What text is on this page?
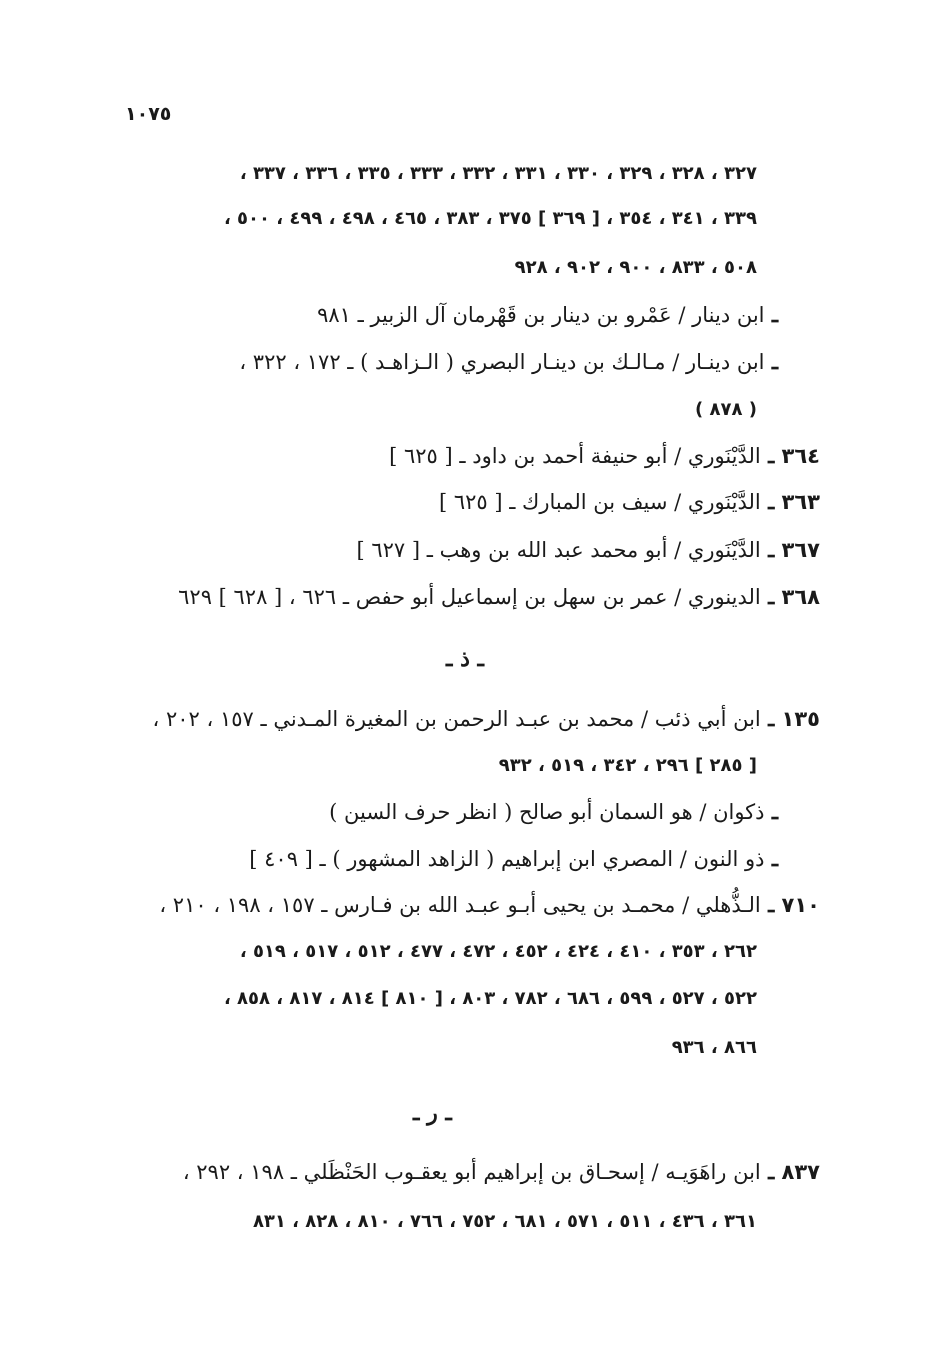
١٠٧٥
٣٢٧ ، ٣٢٨ ، ٣٢٩ ، ٣٣٠ ، ٣٣١ ، ٣٣٢ ، ٣٣٣ ، ٣٣٥ ، ٣٣٦ ، ٣٣٧ ،
٣٣٩ ، ٣٤١ ، ٣٥٤ ، [ ٣٦٩ ] ٣٧٥ ، ٣٨٣ ، ٤٦٥ ، ٤٩٨ ، ٤٩٩ ، ٥٠٠ ،
٥٠٨ ، ٨٣٣ ، ٩٠٠ ، ٩٠٢ ، ٩٢٨
ـ ابن دينار / عَمْرو بن دينار بن قَهْرمان آل الزبير ـ ٩٨١
ـ ابن دينـار / مـالـك بن دينـار البصري ( الـزاهـد ) ـ ١٧٢ ، ٣٢٢ ،
( ٨٧٨ )
٣٦٤ ـ الدَّيْنَوري / أبو حنيفة أحمد بن داود ـ [ ٦٢٥ ]
٣٦٣ ـ الدَّيْنَوري / سيف بن المبارك ـ [ ٦٢٥ ]
٣٦٧ ـ الدَّيْنَوري / أبو محمد عبد الله بن وهب ـ [ ٦٢٧ ]
٣٦٨ ـ الدينوري / عمر بن سهل بن إسماعيل أبو حفص ـ ٦٢٦ ، [ ٦٢٨ ] ٦٢٩
ـ ذ ـ
١٣٥ ـ ابن أبي ذئب / محمد بن عبـد الرحمن بن المغيرة المـدني ـ ١٥٧ ، ٢٠٢ ،
[ ٢٨٥ ] ٢٩٦ ، ٣٤٢ ، ٥١٩ ، ٩٣٢
ـ ذكوان / هو السمان أبو صالح ( انظر حرف السين )
ـ ذو النون / المصري ابن إبراهيم ( الزاهد المشهور ) ـ [ ٤٠٩ ]
٧١٠ ـ الـذُّهلي / محمـد بن يحيى أبـو عبـد الله بن فـارس ـ ١٥٧ ، ١٩٨ ، ٢١٠ ،
٢٦٢ ، ٣٥٣ ، ٤١٠ ، ٤٢٤ ، ٤٥٢ ، ٤٧٢ ، ٤٧٧ ، ٥١٢ ، ٥١٧ ، ٥١٩ ،
٥٢٢ ، ٥٢٧ ، ٥٩٩ ، ٦٨٦ ، ٧٨٢ ، ٨٠٣ ، [ ٨١٠ ] ٨١٤ ، ٨١٧ ، ٨٥٨ ،
٨٦٦ ، ٩٣٦
ـ ر ـ
٨٣٧ ـ ابن راهَوَيـه / إسحـاق بن إبراهيم أبو يعقـوب الحَنْظَلي ـ ١٩٨ ، ٢٩٢ ،
٣٦١ ، ٤٣٦ ، ٥١١ ، ٥٧١ ، ٦٨١ ، ٧٥٢ ، ٧٦٦ ، ٨١٠ ، ٨٢٨ ، ٨٣١
